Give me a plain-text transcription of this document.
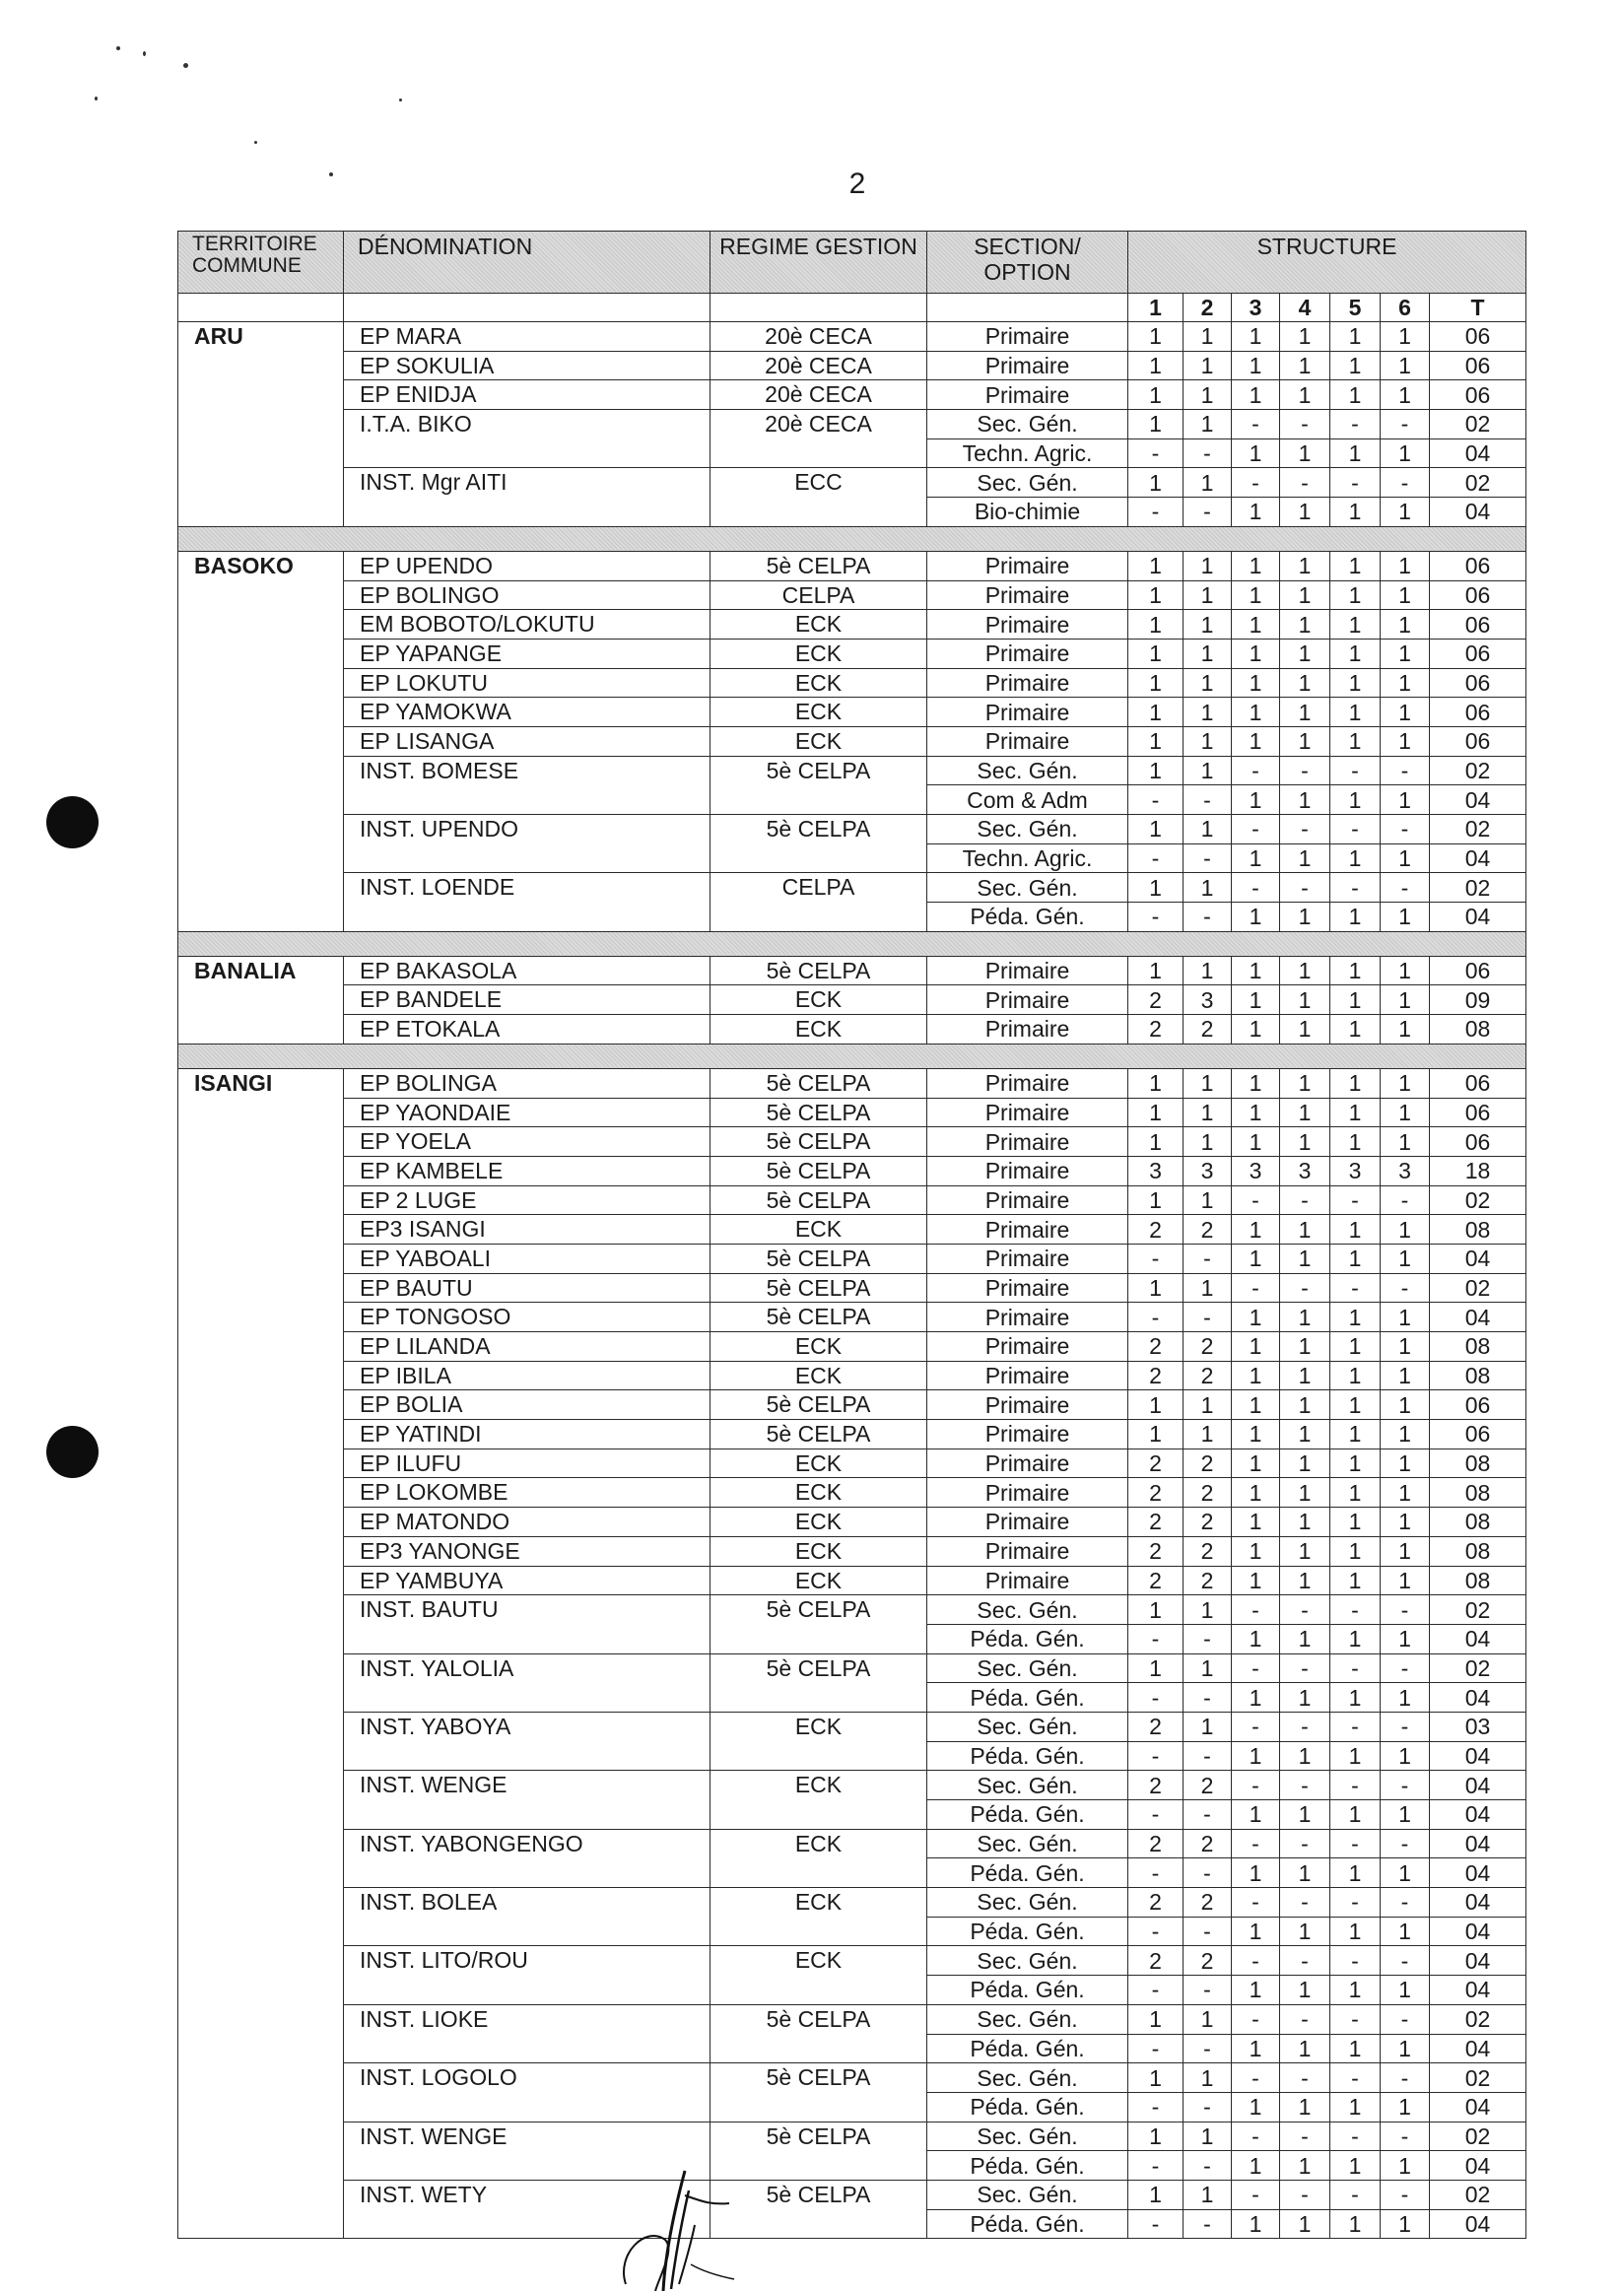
2
TERRITOIRE COMMUNE	DÉNOMINATION	REGIME GESTION	SECTION/ OPTION	STRUCTURE						
				1	2	3	4	5	6	T
ARU	EP MARA	20è CECA	Primaire	1	1	1	1	1	1	06
	EP SOKULIA	20è CECA	Primaire	1	1	1	1	1	1	06
	EP ENIDJA	20è CECA	Primaire	1	1	1	1	1	1	06
	I.T.A. BIKO	20è CECA	Sec. Gén.	1	1	-	-	-	-	02
			Techn. Agric.	-	-	1	1	1	1	04
	INST. Mgr AITI	ECC	Sec. Gén.	1	1	-	-	-	-	02
			Bio-chimie	-	-	1	1	1	1	04

BASOKO	EP UPENDO	5è CELPA	Primaire	1	1	1	1	1	1	06
	EP BOLINGO	CELPA	Primaire	1	1	1	1	1	1	06
	EM BOBOTO/LOKUTU	ECK	Primaire	1	1	1	1	1	1	06
	EP YAPANGE	ECK	Primaire	1	1	1	1	1	1	06
	EP LOKUTU	ECK	Primaire	1	1	1	1	1	1	06
	EP YAMOKWA	ECK	Primaire	1	1	1	1	1	1	06
	EP LISANGA	ECK	Primaire	1	1	1	1	1	1	06
	INST. BOMESE	5è CELPA	Sec. Gén.	1	1	-	-	-	-	02
			Com & Adm	-	-	1	1	1	1	04
	INST. UPENDO	5è CELPA	Sec. Gén.	1	1	-	-	-	-	02
			Techn. Agric.	-	-	1	1	1	1	04
	INST. LOENDE	CELPA	Sec. Gén.	1	1	-	-	-	-	02
			Péda. Gén.	-	-	1	1	1	1	04

BANALIA	EP BAKASOLA	5è CELPA	Primaire	1	1	1	1	1	1	06
	EP BANDELE	ECK	Primaire	2	3	1	1	1	1	09
	EP ETOKALA	ECK	Primaire	2	2	1	1	1	1	08

ISANGI	EP BOLINGA	5è CELPA	Primaire	1	1	1	1	1	1	06
	EP YAONDAIE	5è CELPA	Primaire	1	1	1	1	1	1	06
	EP YOELA	5è CELPA	Primaire	1	1	1	1	1	1	06
	EP KAMBELE	5è CELPA	Primaire	3	3	3	3	3	3	18
	EP 2 LUGE	5è CELPA	Primaire	1	1	-	-	-	-	02
	EP3 ISANGI	ECK	Primaire	2	2	1	1	1	1	08
	EP YABOALI	5è CELPA	Primaire	-	-	1	1	1	1	04
	EP BAUTU	5è CELPA	Primaire	1	1	-	-	-	-	02
	EP TONGOSO	5è CELPA	Primaire	-	-	1	1	1	1	04
	EP LILANDA	ECK	Primaire	2	2	1	1	1	1	08
	EP IBILA	ECK	Primaire	2	2	1	1	1	1	08
	EP BOLIA	5è CELPA	Primaire	1	1	1	1	1	1	06
	EP YATINDI	5è CELPA	Primaire	1	1	1	1	1	1	06
	EP ILUFU	ECK	Primaire	2	2	1	1	1	1	08
	EP LOKOMBE	ECK	Primaire	2	2	1	1	1	1	08
	EP MATONDO	ECK	Primaire	2	2	1	1	1	1	08
	EP3 YANONGE	ECK	Primaire	2	2	1	1	1	1	08
	EP YAMBUYA	ECK	Primaire	2	2	1	1	1	1	08
	INST. BAUTU	5è CELPA	Sec. Gén.	1	1	-	-	-	-	02
			Péda. Gén.	-	-	1	1	1	1	04
	INST. YALOLIA	5è CELPA	Sec. Gén.	1	1	-	-	-	-	02
			Péda. Gén.	-	-	1	1	1	1	04
	INST. YABOYA	ECK	Sec. Gén.	2	1	-	-	-	-	03
			Péda. Gén.	-	-	1	1	1	1	04
	INST. WENGE	ECK	Sec. Gén.	2	2	-	-	-	-	04
			Péda. Gén.	-	-	1	1	1	1	04
	INST. YABONGENGO	ECK	Sec. Gén.	2	2	-	-	-	-	04
			Péda. Gén.	-	-	1	1	1	1	04
	INST. BOLEA	ECK	Sec. Gén.	2	2	-	-	-	-	04
			Péda. Gén.	-	-	1	1	1	1	04
	INST. LITO/ROU	ECK	Sec. Gén.	2	2	-	-	-	-	04
			Péda. Gén.	-	-	1	1	1	1	04
	INST. LIOKE	5è CELPA	Sec. Gén.	1	1	-	-	-	-	02
			Péda. Gén.	-	-	1	1	1	1	04
	INST. LOGOLO	5è CELPA	Sec. Gén.	1	1	-	-	-	-	02
			Péda. Gén.	-	-	1	1	1	1	04
	INST. WENGE	5è CELPA	Sec. Gén.	1	1	-	-	-	-	02
			Péda. Gén.	-	-	1	1	1	1	04
	INST. WETY	5è CELPA	Sec. Gén.	1	1	-	-	-	-	02
			Péda. Gén.	-	-	1	1	1	1	04
